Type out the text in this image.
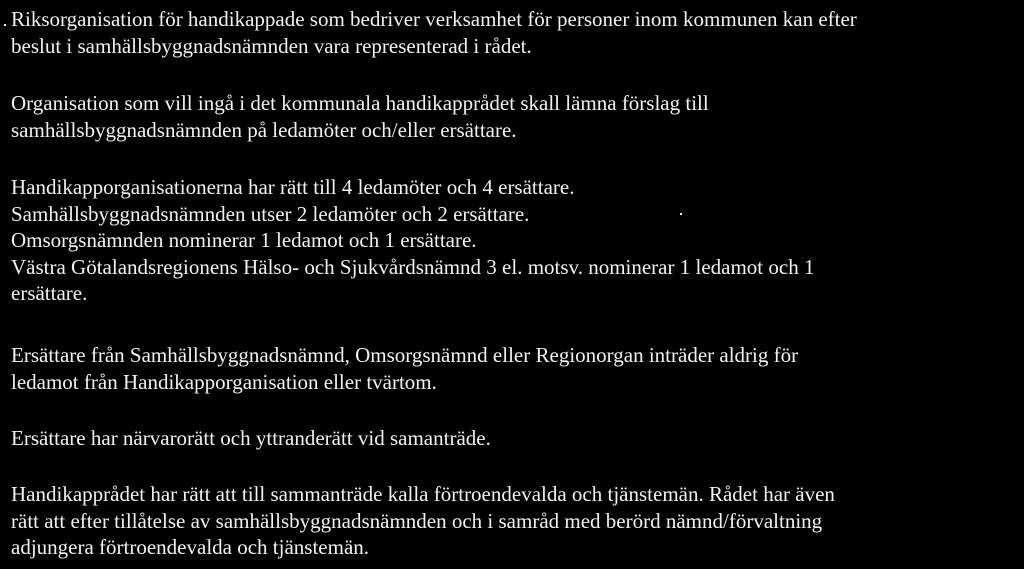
Riksorganisation för handikappade som bedriver verksamhet för personer inom kommunen kan efter
beslut i samhällsbyggnadsnämnden vara representerad i rådet.

Organisation som vill ingå i det kommunala handikapprådet skall lämna förslag till
samhällsbyggnadsnämnden på ledamöter och/eller ersättare.

Handikapporganisationerna har rätt till 4 ledamöter och 4 ersättare.
Samhällsbyggnadsnämnden utser 2 ledamöter och 2 ersättare.
Omsorgsnämnden nominerar 1 ledamot och 1 ersättare.
Västra Götalandsregionens Hälso- och Sjukvårdsnämnd 3 el. motsv. nominerar 1 ledamot och 1
ersättare.

Ersättare från Samhällsbyggnadsnämnd, Omsorgsnämnd eller Regionorgan inträder aldrig för
ledamot från Handikapporganisation eller tvärtom.

Ersättare har närvarorätt och yttranderätt vid samanträde.

Handikapprådet har rätt att till sammanträde kalla förtroendevalda och tjänstemän. Rådet har även
rätt att efter tillåtelse av samhällsbyggnadsnämnden och i samråd med berörd nämnd/förvaltning
adjungera förtroendevalda och tjänstemän.
